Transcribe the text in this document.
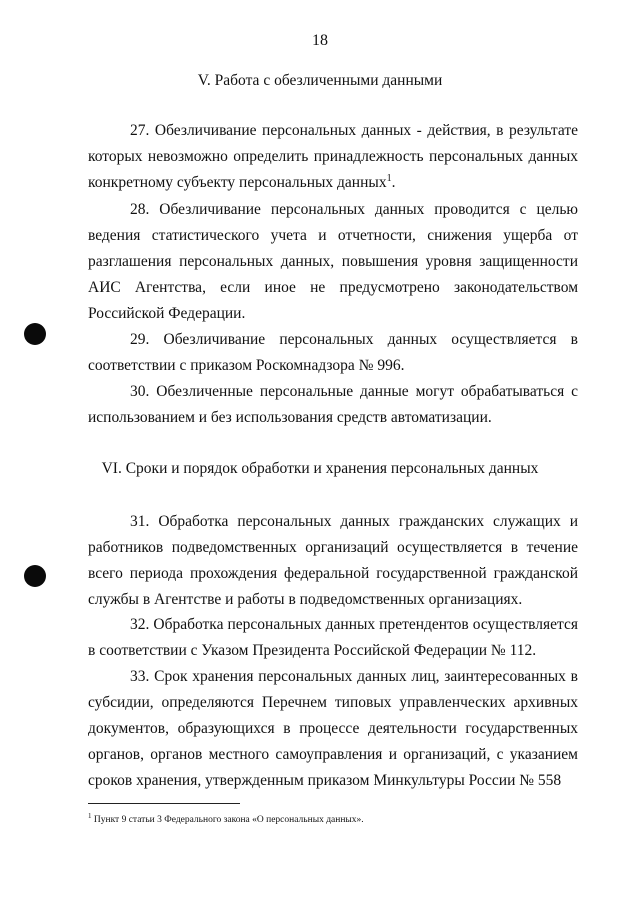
18
V. Работа с обезличенными данными

27. Обезличивание персональных данных - действия, в результате которых невозможно определить принадлежность персональных данных конкретному субъекту персональных данных$^1$.

28. Обезличивание персональных данных проводится с целью ведения статистического учета и отчетности, снижения ущерба от разглашения персональных данных, повышения уровня защищенности АИС Агентства, если иное не предусмотрено законодательством Российской Федерации.

29. Обезличивание персональных данных осуществляется в соответствии с приказом Роскомнадзора № 996.

30. Обезличенные персональные данные могут обрабатываться с использованием и без использования средств автоматизации.

VI. Сроки и порядок обработки и хранения персональных данных

31. Обработка персональных данных гражданских служащих и работников подведомственных организаций осуществляется в течение всего периода прохождения федеральной государственной гражданской службы в Агентстве и работы в подведомственных организациях.

32. Обработка персональных данных претендентов осуществляется в соответствии с Указом Президента Российской Федерации № 112.

33. Срок хранения персональных данных лиц, заинтересованных в субсидии, определяются Перечнем типовых управленческих архивных документов, образующихся в процессе деятельности государственных органов, органов местного самоуправления и организаций, с указанием сроков хранения, утвержденным приказом Минкультуры России № 558

$^1$ Пункт 9 статьи 3 Федерального закона «О персональных данных».
